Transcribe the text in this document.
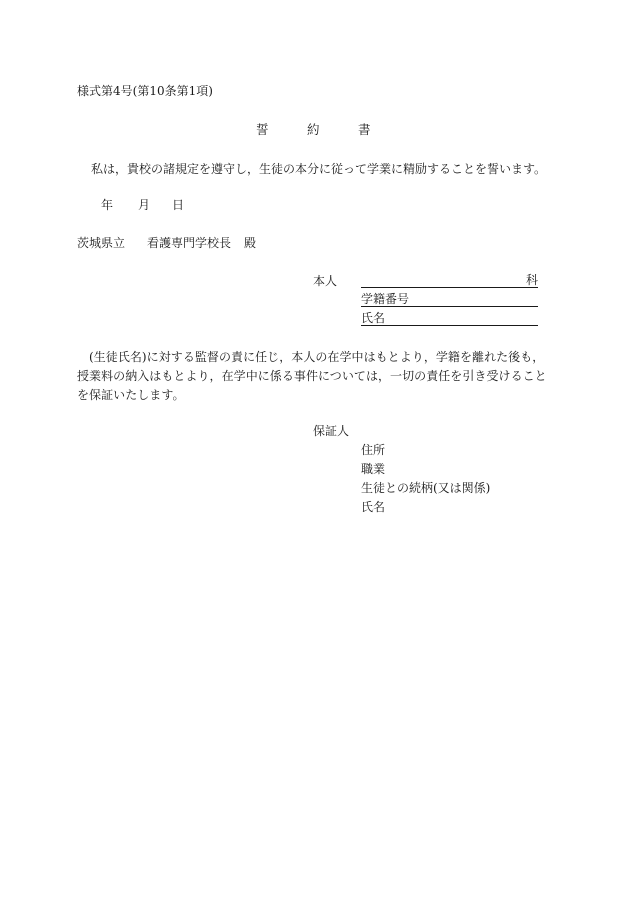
様式第4号(第10条第1項)
誓	約	書
私は，貴校の諸規定を遵守し，生徒の本分に従って学業に精励することを誓います。
年 月 日
茨城県立 看護専門学校長 殿
本人	科
学籍番号
氏名
(生徒氏名)に対する監督の責に任じ，本人の在学中はもとより，学籍を離れた後も，授業料の納入はもとより，在学中に係る事件については，一切の責任を引き受けることを保証いたします。
保証人
住所
職業
生徒との続柄(又は関係)
氏名
